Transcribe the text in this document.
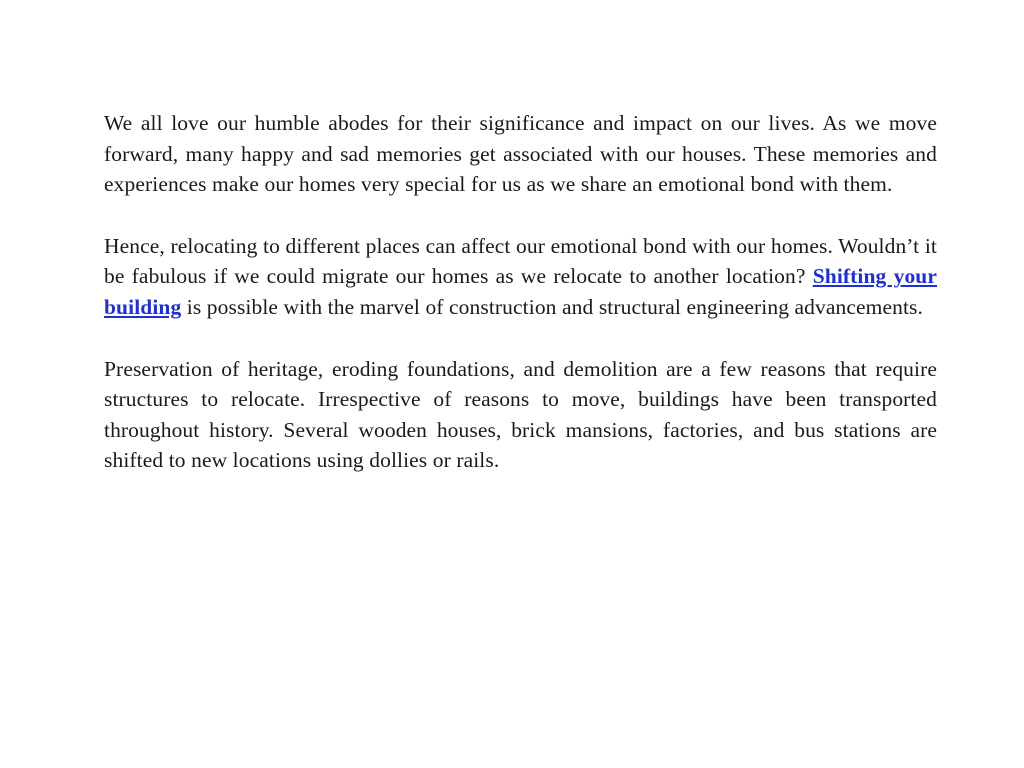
We all love our humble abodes for their significance and impact on our lives. As we move forward, many happy and sad memories get associated with our houses. These memories and experiences make our homes very special for us as we share an emotional bond with them.

Hence, relocating to different places can affect our emotional bond with our homes. Wouldn’t it be fabulous if we could migrate our homes as we relocate to another location? Shifting your building is possible with the marvel of construction and structural engineering advancements.

Preservation of heritage, eroding foundations, and demolition are a few reasons that require structures to relocate. Irrespective of reasons to move, buildings have been transported throughout history. Several wooden houses, brick mansions, factories, and bus stations are shifted to new locations using dollies or rails.
